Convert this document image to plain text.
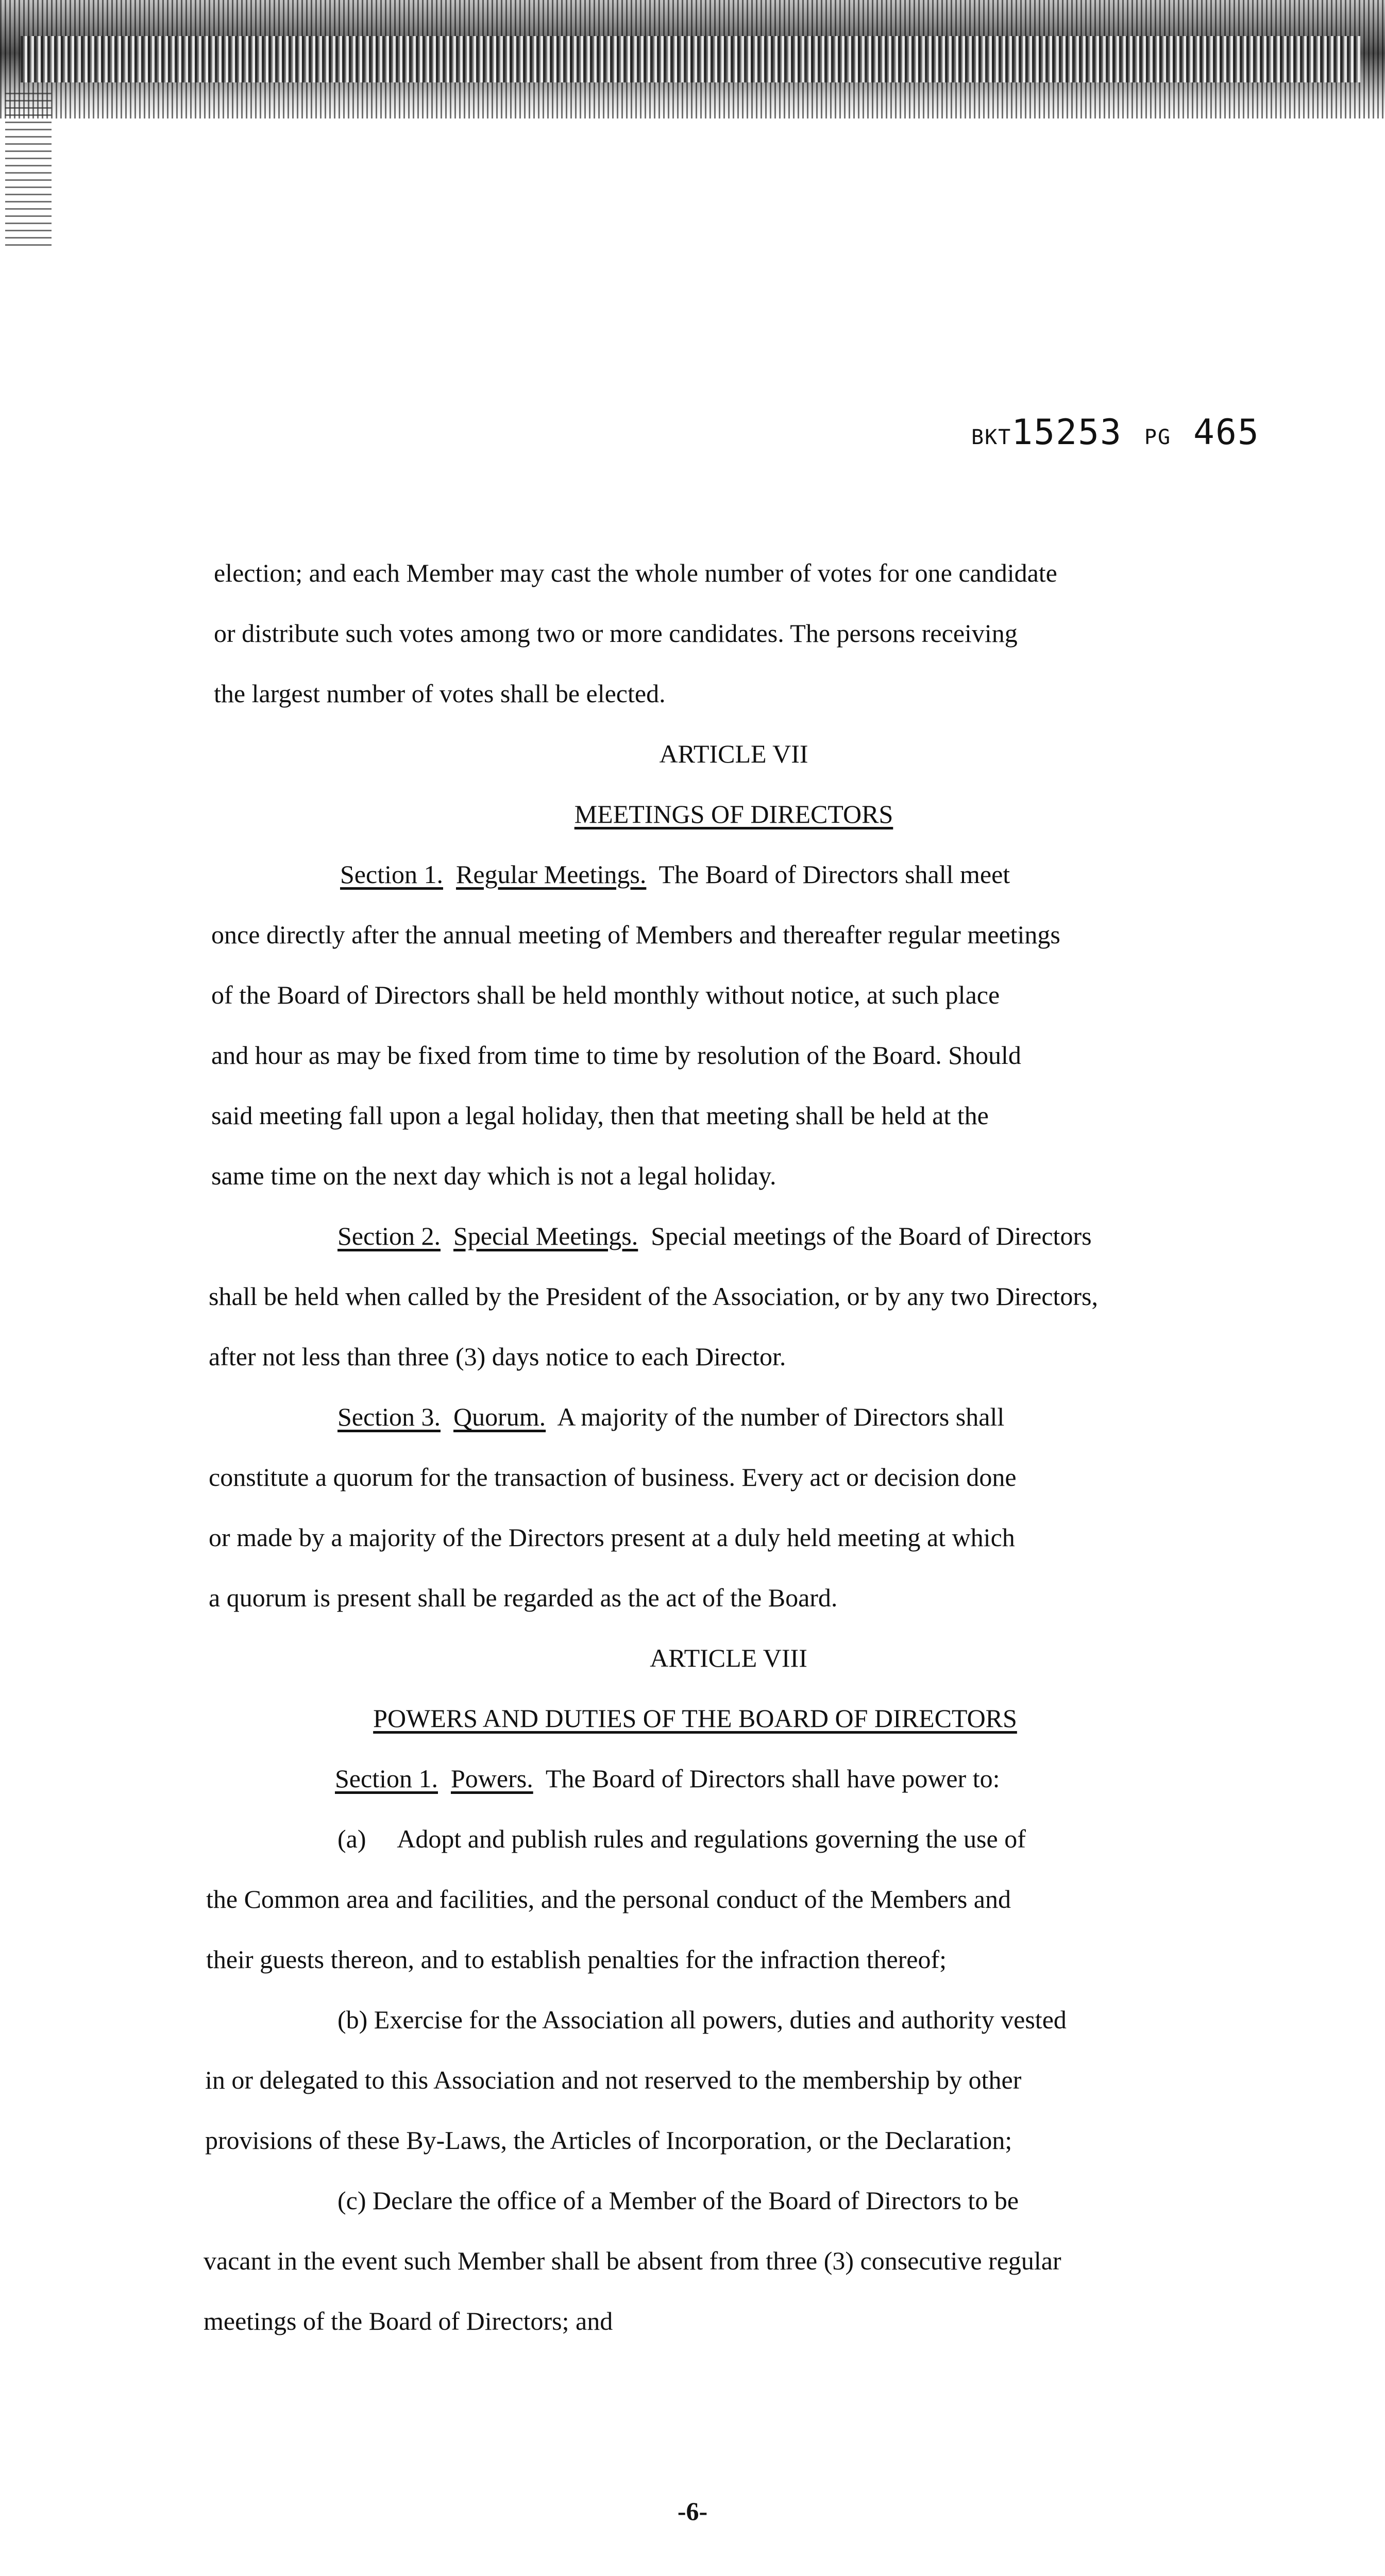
BKT15253 PG 465
election; and each Member may cast the whole number of votes for one candidate
or distribute such votes among two or more candidates. The persons receiving
the largest number of votes shall be elected.
ARTICLE VII
MEETINGS OF DIRECTORS
Section 1. Regular Meetings. The Board of Directors shall meet
once directly after the annual meeting of Members and thereafter regular meetings
of the Board of Directors shall be held monthly without notice, at such place
and hour as may be fixed from time to time by resolution of the Board. Should
said meeting fall upon a legal holiday, then that meeting shall be held at the
same time on the next day which is not a legal holiday.
Section 2. Special Meetings. Special meetings of the Board of Directors
shall be held when called by the President of the Association, or by any two Directors,
after not less than three (3) days notice to each Director.
Section 3. Quorum. A majority of the number of Directors shall
constitute a quorum for the transaction of business. Every act or decision done
or made by a majority of the Directors present at a duly held meeting at which
a quorum is present shall be regarded as the act of the Board.
ARTICLE VIII
POWERS AND DUTIES OF THE BOARD OF DIRECTORS
Section 1. Powers. The Board of Directors shall have power to:
(a) Adopt and publish rules and regulations governing the use of
the Common area and facilities, and the personal conduct of the Members and
their guests thereon, and to establish penalties for the infraction thereof;
(b) Exercise for the Association all powers, duties and authority vested
in or delegated to this Association and not reserved to the membership by other
provisions of these By-Laws, the Articles of Incorporation, or the Declaration;
(c) Declare the office of a Member of the Board of Directors to be
vacant in the event such Member shall be absent from three (3) consecutive regular
meetings of the Board of Directors; and
-6-
